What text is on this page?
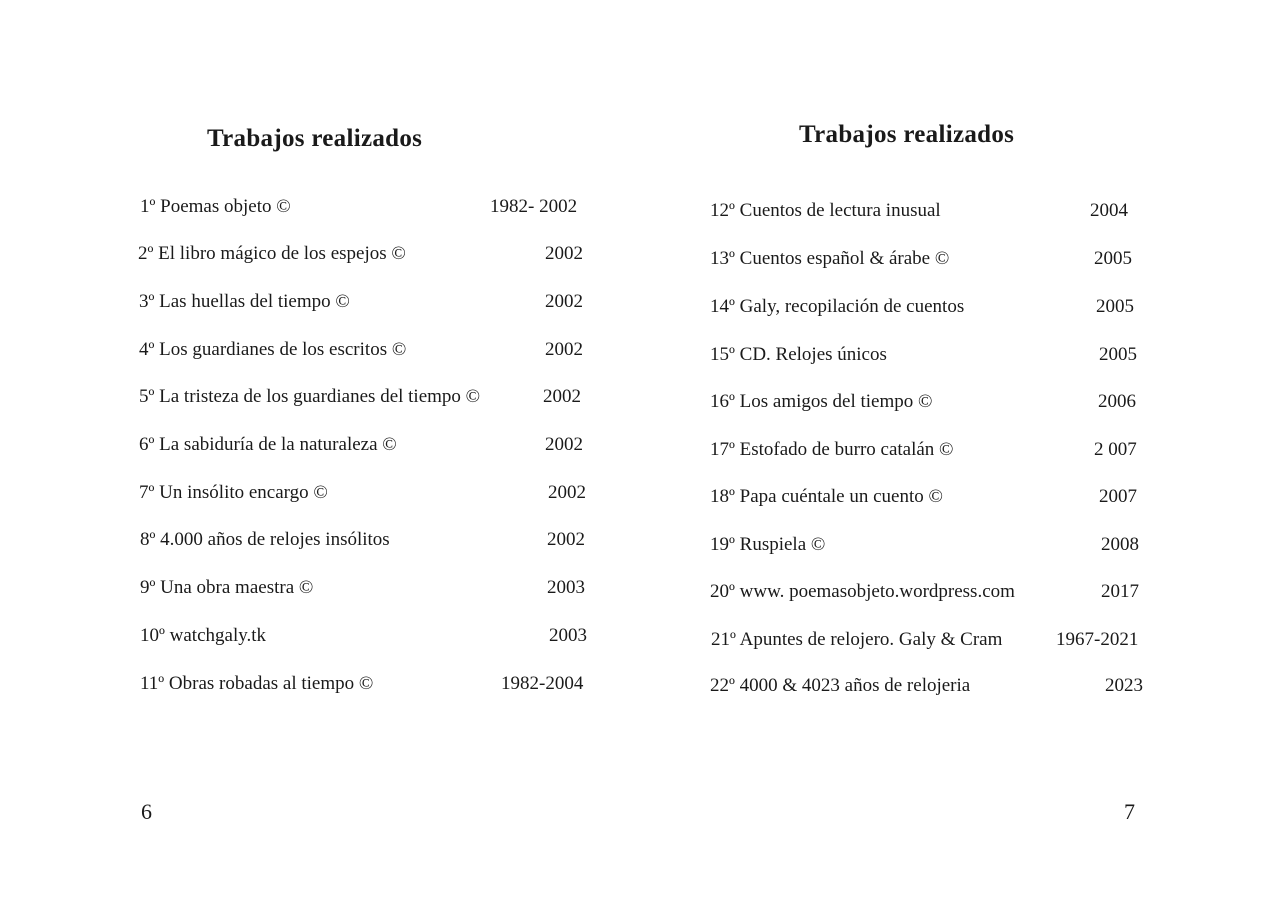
Trabajos realizados
1º Poemas objeto ©	1982- 2002
2º El libro mágico de los espejos ©	2002
3º Las huellas del tiempo ©	2002
4º Los guardianes de los escritos ©	2002
5º La tristeza de los guardianes del tiempo ©	2002
6º La sabiduría de la naturaleza ©	2002
7º Un insólito encargo ©	2002
8º 4.000 años de relojes insólitos	2002
9º Una obra maestra ©	2003
10º watchgaly.tk	2003
11º Obras robadas al tiempo ©	1982-2004
6
Trabajos realizados
12º Cuentos de lectura inusual	2004
13º Cuentos español & árabe ©	2005
14º Galy, recopilación de cuentos	2005
15º CD. Relojes únicos	2005
16º Los amigos del tiempo ©	2006
17º Estofado de burro catalán ©	2 007
18º Papa cuéntale un cuento ©	2007
19º Ruspiela ©	2008
20º www. poemasobjeto.wordpress.com	2017
21º Apuntes de relojero. Galy & Cram	1967-2021
22º 4000 & 4023 años de relojeria	2023
7
